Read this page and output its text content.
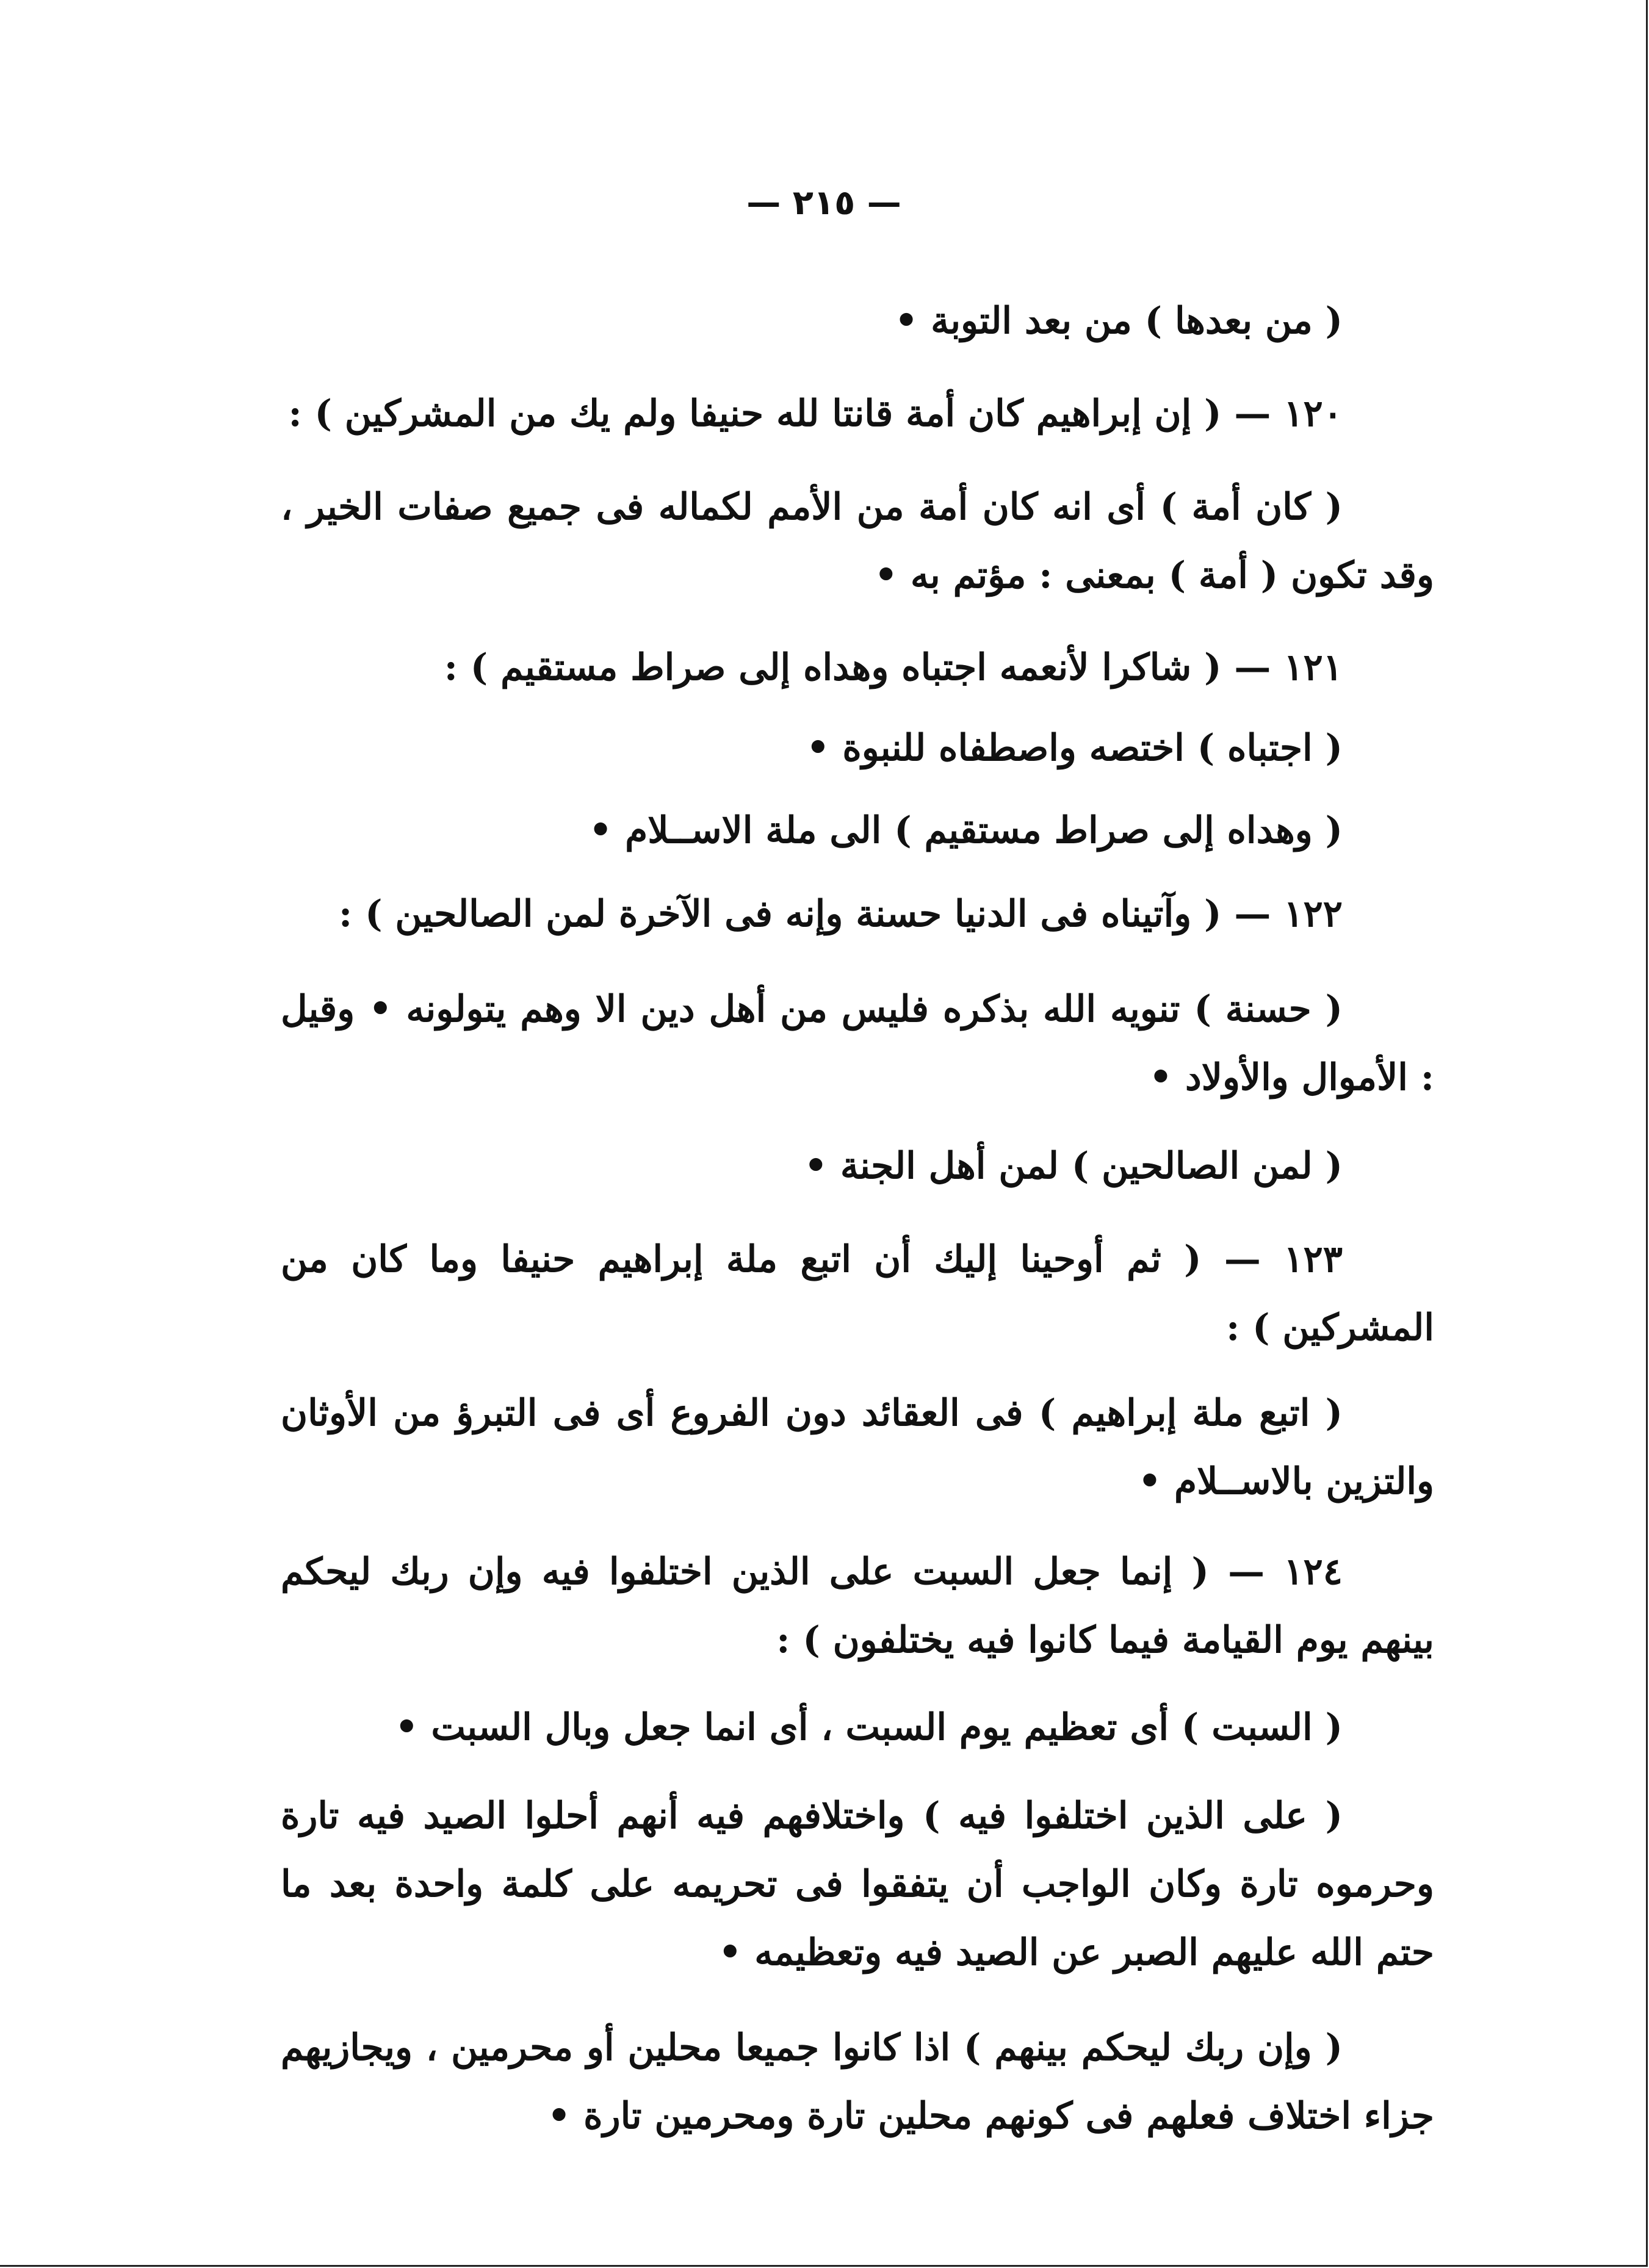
— ٢١٥ —

( من بعدها ) من بعد التوبة •

١٢٠ — ( إن إبراهيم كان أمة قانتا لله حنيفا ولم يك من المشركين ) :

( كان أمة ) أى انه كان أمة من الأمم لكماله فى جميع صفات الخير ، وقد تكون ( أمة ) بمعنى : مؤتم به •

١٢١ — ( شاكرا لأنعمه اجتباه وهداه إلى صراط مستقيم ) :

( اجتباه ) اختصه واصطفاه للنبوة •

( وهداه إلى صراط مستقيم ) الى ملة الاســلام •

١٢٢ — ( وآتيناه فى الدنيا حسنة وإنه فى الآخرة لمن الصالحين ) :

( حسنة ) تنويه الله بذكره فليس من أهل دين الا وهم يتولونه • وقيل : الأموال والأولاد •

( لمن الصالحين ) لمن أهل الجنة •

١٢٣ — ( ثم أوحينا إليك أن اتبع ملة إبراهيم حنيفا وما كان من المشركين ) :

( اتبع ملة إبراهيم ) فى العقائد دون الفروع أى فى التبرؤ من الأوثان والتزين بالاســلام •

١٢٤ — ( إنما جعل السبت على الذين اختلفوا فيه وإن ربك ليحكم بينهم يوم القيامة فيما كانوا فيه يختلفون ) :

( السبت ) أى تعظيم يوم السبت ، أى انما جعل وبال السبت •

( على الذين اختلفوا فيه ) واختلافهم فيه أنهم أحلوا الصيد فيه تارة وحرموه تارة وكان الواجب أن يتفقوا فى تحريمه على كلمة واحدة بعد ما حتم الله عليهم الصبر عن الصيد فيه وتعظيمه •

( وإن ربك ليحكم بينهم ) اذا كانوا جميعا محلين أو محرمين ، ويجازيهم جزاء اختلاف فعلهم فى كونهم محلين تارة ومحرمين تارة •
